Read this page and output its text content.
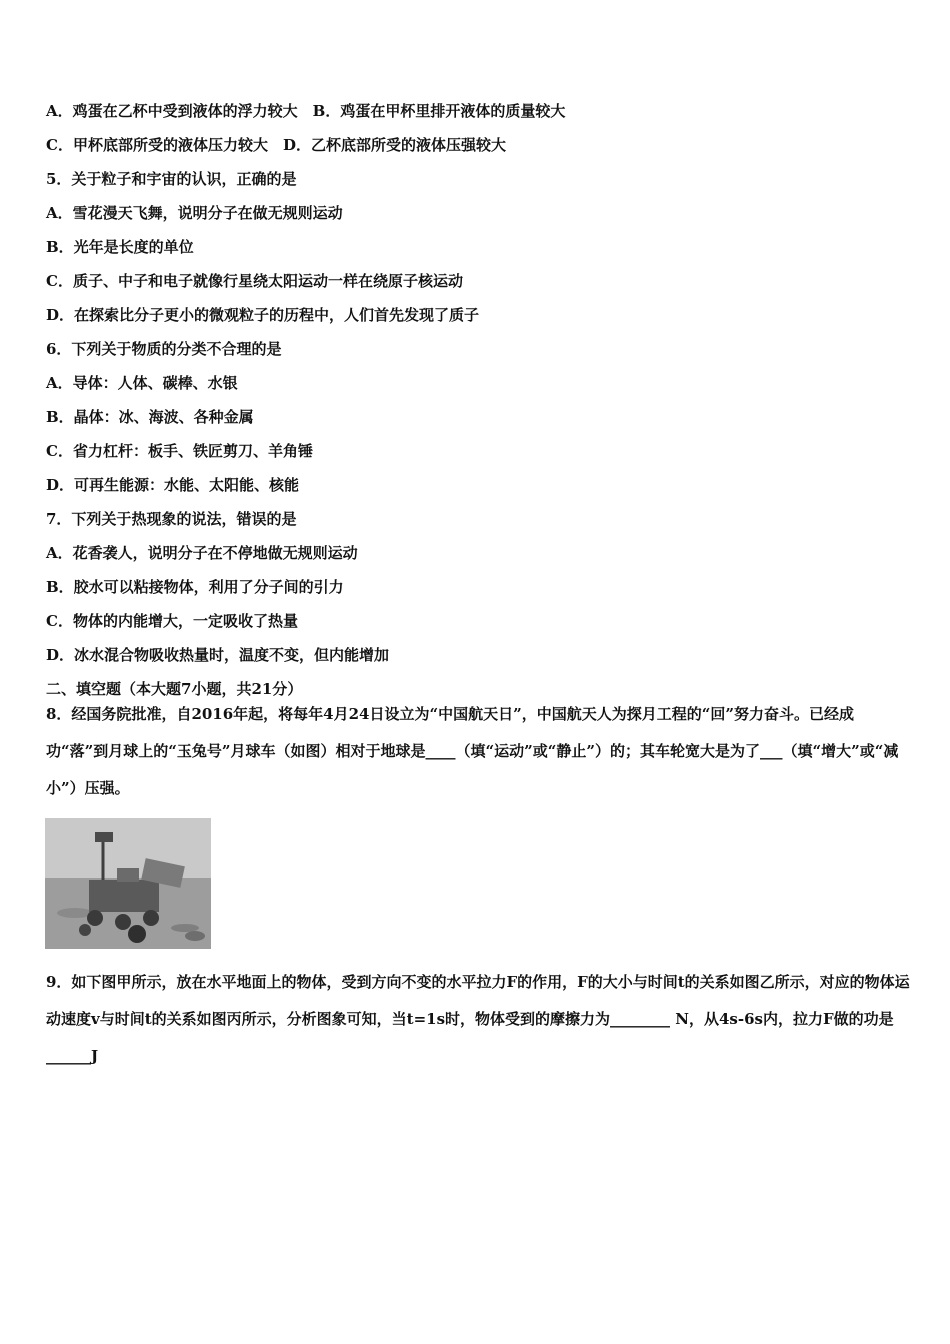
A．鸡蛋在乙杯中受到液体的浮力较大　B．鸡蛋在甲杯里排开液体的质量较大
C．甲杯底部所受的液体压力较大　D．乙杯底部所受的液体压强较大
5．关于粒子和宇宙的认识，正确的是
A．雪花漫天飞舞，说明分子在做无规则运动
B．光年是长度的单位
C．质子、中子和电子就像行星绕太阳运动一样在绕原子核运动
D．在探索比分子更小的微观粒子的历程中，人们首先发现了质子
6．下列关于物质的分类不合理的是
A．导体：人体、碳棒、水银
B．晶体：冰、海波、各种金属
C．省力杠杆：板手、铁匠剪刀、羊角锤
D．可再生能源：水能、太阳能、核能
7．下列关于热现象的说法，错误的是
A．花香袭人，说明分子在不停地做无规则运动
B．胶水可以粘接物体，利用了分子间的引力
C．物体的内能增大，一定吸收了热量
D．冰水混合物吸收热量时，温度不变，但内能增加
二、填空题（本大题7小题，共21分）
8．经国务院批准，自2016年起，将每年4月24日设立为“中国航天日”，中国航天人为探月工程的“回”努力奋斗。已经成功“落”到月球上的“玉兔号”月球车（如图）相对于地球是____（填“运动”或“静止”）的；其车轮宽大是为了___（填“增大”或“减小”）压强。
9．如下图甲所示，放在水平地面上的物体，受到方向不变的水平拉力F的作用，F的大小与时间t的关系如图乙所示，对应的物体运动速度v与时间t的关系如图丙所示，分析图象可知，当t=1s时，物体受到的摩擦力为________ N，从4s-6s内，拉力F做的功是______J
